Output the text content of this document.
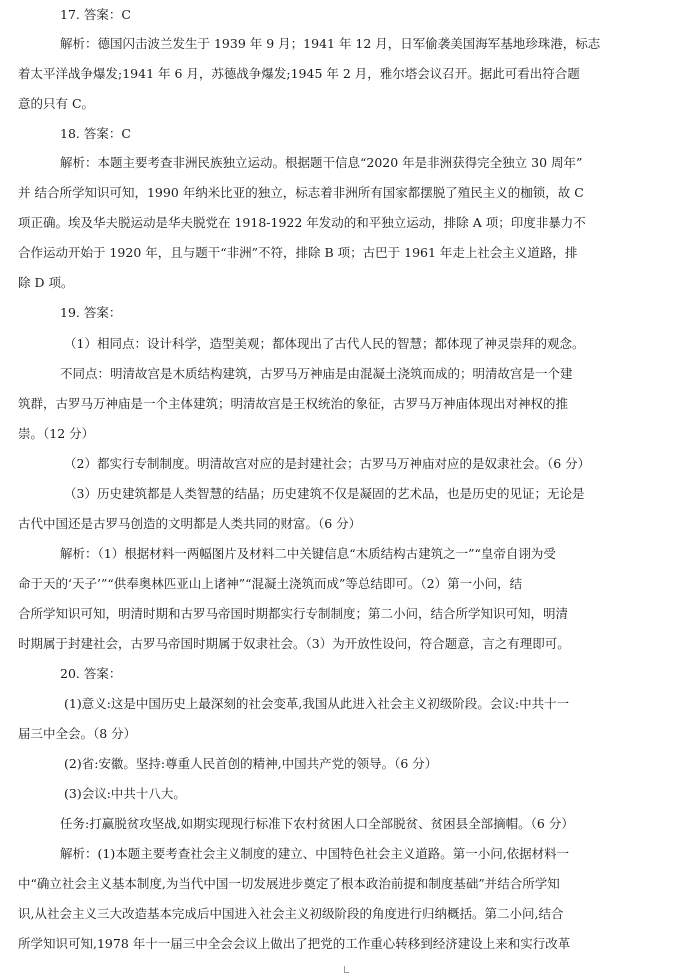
17. 答案：C
解析：德国闪击波兰发生于 1939 年 9 月；1941 年 12 月，日军偷袭美国海军基地珍珠港，标志
着太平洋战争爆发;1941 年 6 月，苏德战争爆发;1945 年 2 月，雅尔塔会议召开。据此可看出符合题
意的只有 C。
18. 答案：C
解析：本题主要考查非洲民族独立运动。根据题干信息“2020 年是非洲获得完全独立 30 周年”
并 结合所学知识可知，1990 年纳米比亚的独立，标志着非洲所有国家都摆脱了殖民主义的枷锁，故 C
项正确。埃及华夫脱运动是华夫脱党在 1918-1922 年发动的和平独立运动，排除 A 项；印度非暴力不
合作运动开始于 1920 年，且与题干“非洲”不符，排除 B 项；古巴于 1961 年走上社会主义道路，排
除 D 项。
19. 答案：
（1）相同点：设计科学，造型美观；都体现出了古代人民的智慧；都体现了神灵崇拜的观念。
不同点：明清故宫是木质结构建筑，古罗马万神庙是由混凝土浇筑而成的；明清故宫是一个建
筑群，古罗马万神庙是一个主体建筑；明清故宫是王权统治的象征，古罗马万神庙体现出对神权的推
崇。（12 分）
（2）都实行专制制度。明清故宫对应的是封建社会；古罗马万神庙对应的是奴隶社会。（6 分）
（3）历史建筑都是人类智慧的结晶；历史建筑不仅是凝固的艺术品，也是历史的见证；无论是
古代中国还是古罗马创造的文明都是人类共同的财富。（6 分）
解析：（1）根据材料一两幅图片及材料二中关键信息“木质结构古建筑之一”“皇帝自诩为受
命于天的‘天子’”“供奉奥林匹亚山上诸神”“混凝土浇筑而成”等总结即可。（2）第一小问，结
合所学知识可知，明清时期和古罗马帝国时期都实行专制制度；第二小问，结合所学知识可知，明清
时期属于封建社会，古罗马帝国时期属于奴隶社会。（3）为开放性设问，符合题意，言之有理即可。
20. 答案：
(1)意义:这是中国历史上最深刻的社会变革,我国从此进入社会主义初级阶段。会议:中共十一
届三中全会。（8 分）
(2)省:安徽。坚持:尊重人民首创的精神,中国共产党的领导。（6 分）
(3)会议:中共十八大。
任务:打赢脱贫攻坚战,如期实现现行标准下农村贫困人口全部脱贫、贫困县全部摘帽。（6 分）
解析：(1)本题主要考查社会主义制度的建立、中国特色社会主义道路。第一小问,依据材料一
中“确立社会主义基本制度,为当代中国一切发展进步奠定了根本政治前提和制度基础”并结合所学知
识,从社会主义三大改造基本完成后中国进入社会主义初级阶段的角度进行归纳概括。第二小问,结合
所学知识可知,1978 年十一届三中全会会议上做出了把党的工作重心转移到经济建设上来和实行改革
